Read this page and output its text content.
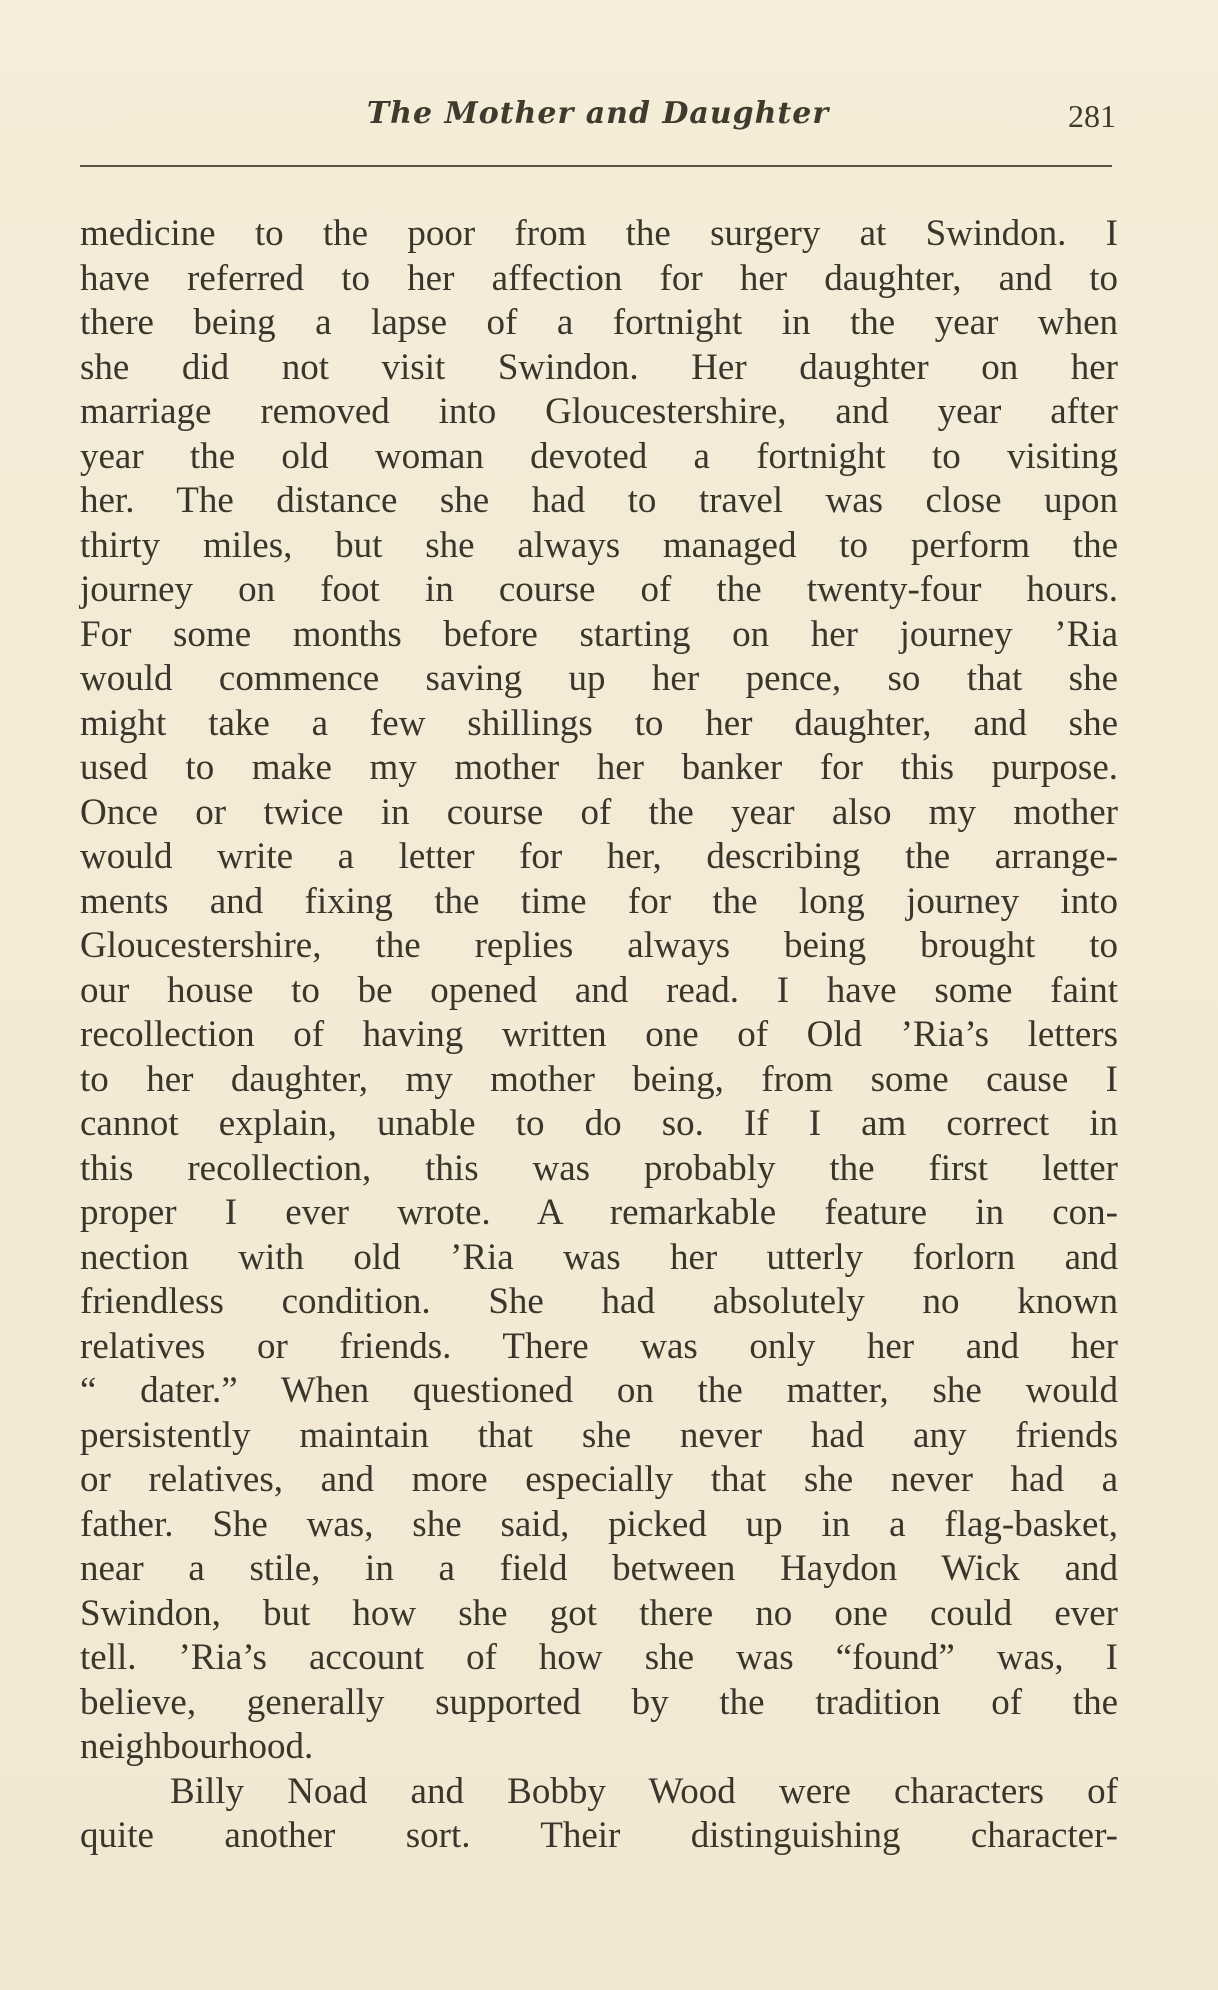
The Mother and Daughter	281
medicine to the poor from the surgery at Swindon. I
have referred to her affection for her daughter, and to
there being a lapse of a fortnight in the year when
she did not visit Swindon. Her daughter on her
marriage removed into Gloucestershire, and year after
year the old woman devoted a fortnight to visiting
her. The distance she had to travel was close upon
thirty miles, but she always managed to perform the
journey on foot in course of the twenty-four hours.
For some months before starting on her journey ’Ria
would commence saving up her pence, so that she
might take a few shillings to her daughter, and she
used to make my mother her banker for this purpose.
Once or twice in course of the year also my mother
would write a letter for her, describing the arrange-
ments and fixing the time for the long journey into
Gloucestershire, the replies always being brought to
our house to be opened and read. I have some faint
recollection of having written one of Old ’Ria’s letters
to her daughter, my mother being, from some cause I
cannot explain, unable to do so. If I am correct in
this recollection, this was probably the first letter
proper I ever wrote. A remarkable feature in con-
nection with old ’Ria was her utterly forlorn and
friendless condition. She had absolutely no known
relatives or friends. There was only her and her
“ dater.” When questioned on the matter, she would
persistently maintain that she never had any friends
or relatives, and more especially that she never had a
father. She was, she said, picked up in a flag-basket,
near a stile, in a field between Haydon Wick and
Swindon, but how she got there no one could ever
tell. ’Ria’s account of how she was “found” was, I
believe, generally supported by the tradition of the
neighbourhood.
Billy Noad and Bobby Wood were characters of
quite another sort. Their distinguishing character-
